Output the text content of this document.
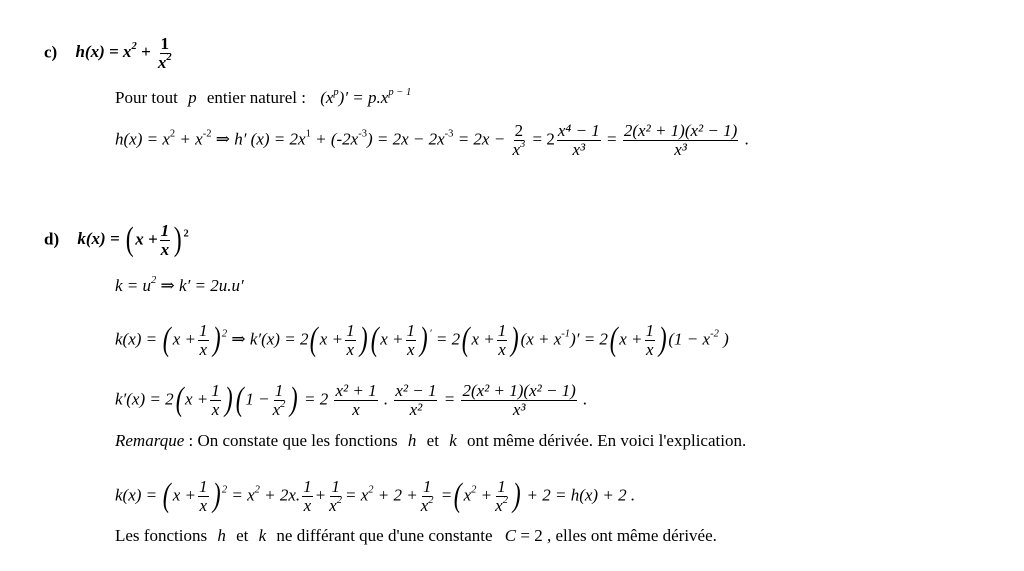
c) $h(x) = x^2 + \frac{1}{x^2}$
Pour tout p entier naturel : $(x^p)' = p.x^{p - 1}$
$h(x) = x^2 + x^{-2}$ ⇒ h′ $(x) = 2x^1 + (-2x^{-3}) = 2x - 2x^{-3} = 2x - \frac{2}{x^3} = 2 \frac{\text{x⁴ − 1}}{\text{x³}} = \frac{\text{2(x² + 1)(x² − 1)}}{\text{x³}}$ .
d) $k(x) = (x + \frac{1}{x}$ ) $^2$
$k = u^2$ ⇒ k′ = 2u.u′
$k(x) = (x + \frac{1}{x}$ ) $^2$ ⇒ $k'(x) = 2(x + \frac{1}{x} )(x + \frac{1}{x}$ ) $' = 2(x + \frac{1}{x} )(x + x^{-1})' = 2(x + \frac{1}{x} )(1 - x^{-2}$ )
$k'(x) = 2(x + \frac{1}{x} )(1 - \frac{1}{x^2}$ ) = $2 \frac{\text{x² + 1}}{x}$ . $\frac{\text{x² − 1}}{\text{x²}} = \frac{\text{2(x² + 1)(x² − 1)}}{\text{x³}}$ .
Remarque : On constate que les fonctions h et k ont même dérivée. En voici l'explication.
$k(x) = (x + \frac{1}{x}$ ) $^2 = x^2 + 2x$. $\frac{1}{x} + \frac{1}{x^2} = x^2 + 2 + \frac{1}{x^2} =(x^2 + \frac{1}{x^2}$ ) + 2 = h(x) + 2 .
Les fonctions h et k ne différant que d'une constante C = 2 , elles ont même dérivée.
